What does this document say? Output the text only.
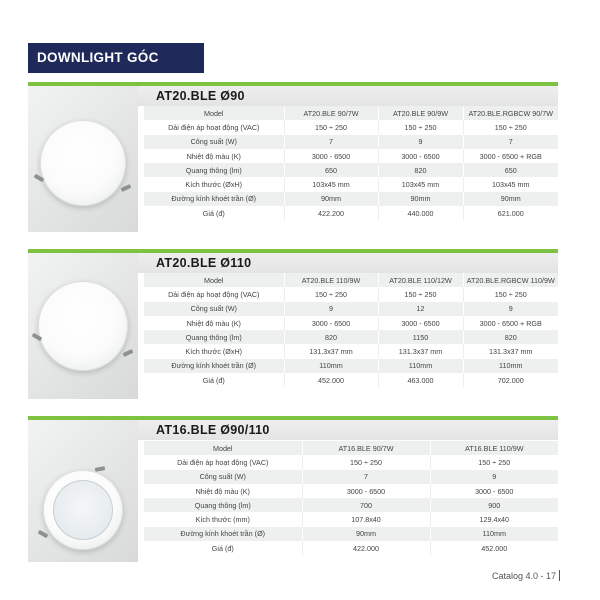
DOWNLIGHT GÓC
AT20.BLE Ø90
Model	AT20.BLE 90/7W	AT20.BLE 90/9W	AT20.BLE.RGBCW 90/7W
Dải điện áp hoạt động (VAC)	150 ÷ 250	150 ÷ 250	150 ÷ 250
Công suất (W)	7	9	7
Nhiệt độ màu (K)	3000 - 6500	3000 - 6500	3000 - 6500 + RGB
Quang thông (lm)	650	820	650
Kích thước (ØxH)	103x45 mm	103x45 mm	103x45 mm
Đường kính khoét trần (Ø)	90mm	90mm	90mm
Giá (đ)	422.200	440.000	621.000
AT20.BLE Ø110
Model	AT20.BLE 110/9W	AT20.BLE 110/12W	AT20.BLE.RGBCW 110/9W
Dải điện áp hoạt động (VAC)	150 ÷ 250	150 ÷ 250	150 ÷ 250
Công suất (W)	9	12	9
Nhiệt độ màu (K)	3000 - 6500	3000 - 6500	3000 - 6500 + RGB
Quang thông (lm)	820	1150	820
Kích thước (ØxH)	131.3x37 mm	131.3x37 mm	131.3x37 mm
Đường kính khoét trần (Ø)	110mm	110mm	110mm
Giá (đ)	452.000	463.000	702.000
AT16.BLE Ø90/110
Model	AT16.BLE 90/7W	AT16.BLE 110/9W
Dải điện áp hoạt động (VAC)	150 ÷ 250	150 ÷ 250
Công suất (W)	7	9
Nhiệt độ màu (K)	3000 - 6500	3000 - 6500
Quang thông (lm)	700	900
Kích thước (mm)	107.8x40	129.4x40
Đường kính khoét trần (Ø)	90mm	110mm
Giá (đ)	422.000	452.000
Catalog 4.0 - 17
